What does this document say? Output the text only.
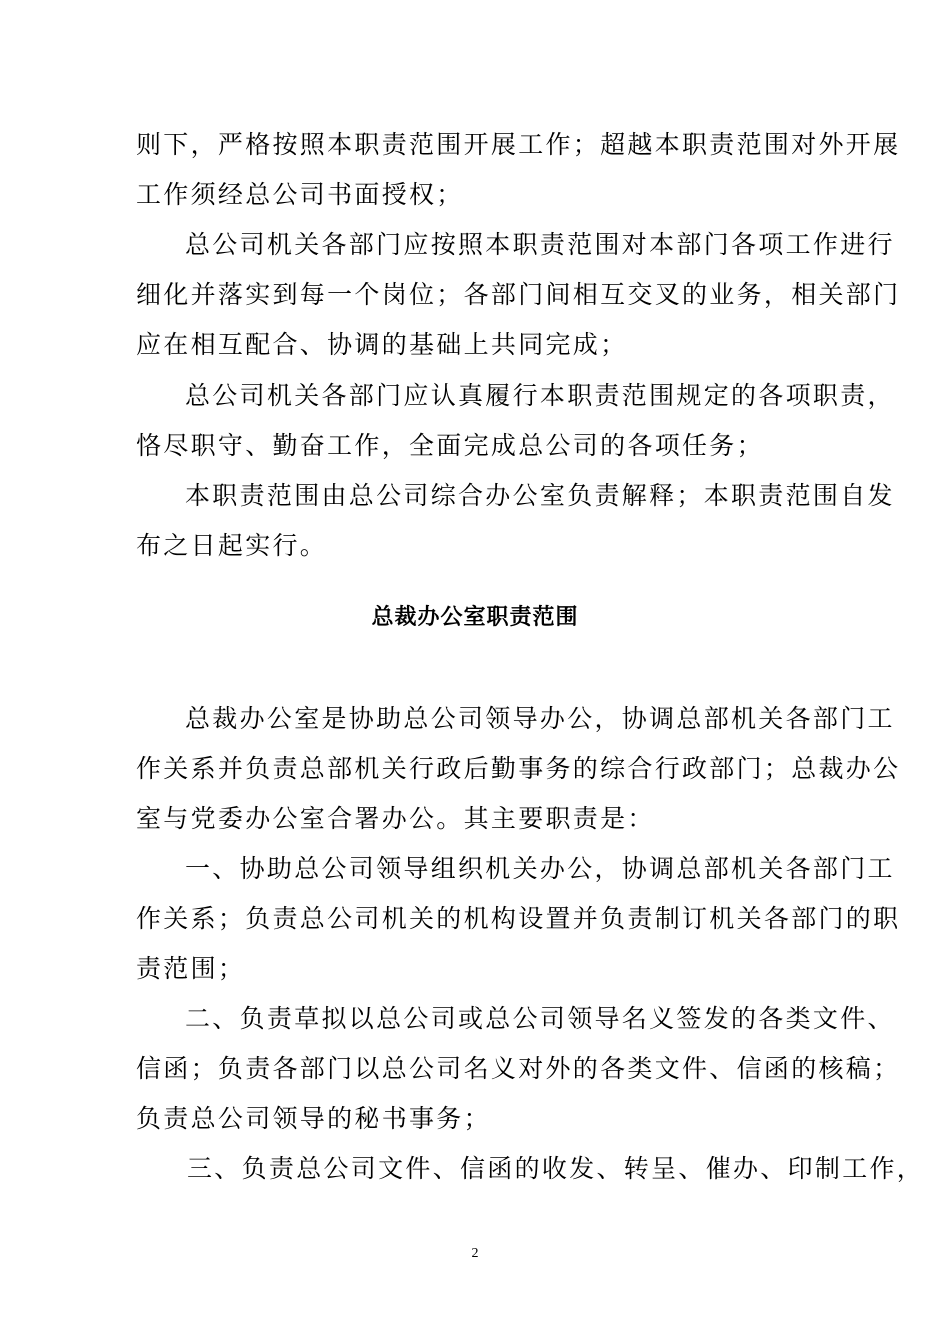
则下，严格按照本职责范围开展工作；超越本职责范围对外开展
工作须经总公司书面授权；
总公司机关各部门应按照本职责范围对本部门各项工作进行
细化并落实到每一个岗位；各部门间相互交叉的业务，相关部门
应在相互配合、协调的基础上共同完成；
总公司机关各部门应认真履行本职责范围规定的各项职责，
恪尽职守、勤奋工作，全面完成总公司的各项任务；
本职责范围由总公司综合办公室负责解释；本职责范围自发
布之日起实行。
总裁办公室职责范围
总裁办公室是协助总公司领导办公，协调总部机关各部门工
作关系并负责总部机关行政后勤事务的综合行政部门；总裁办公
室与党委办公室合署办公。其主要职责是：
一、协助总公司领导组织机关办公，协调总部机关各部门工
作关系；负责总公司机关的机构设置并负责制订机关各部门的职
责范围；
二、负责草拟以总公司或总公司领导名义签发的各类文件、
信函；负责各部门以总公司名义对外的各类文件、信函的核稿；
负责总公司领导的秘书事务；
三、负责总公司文件、信函的收发、转呈、催办、印制工作，
2
